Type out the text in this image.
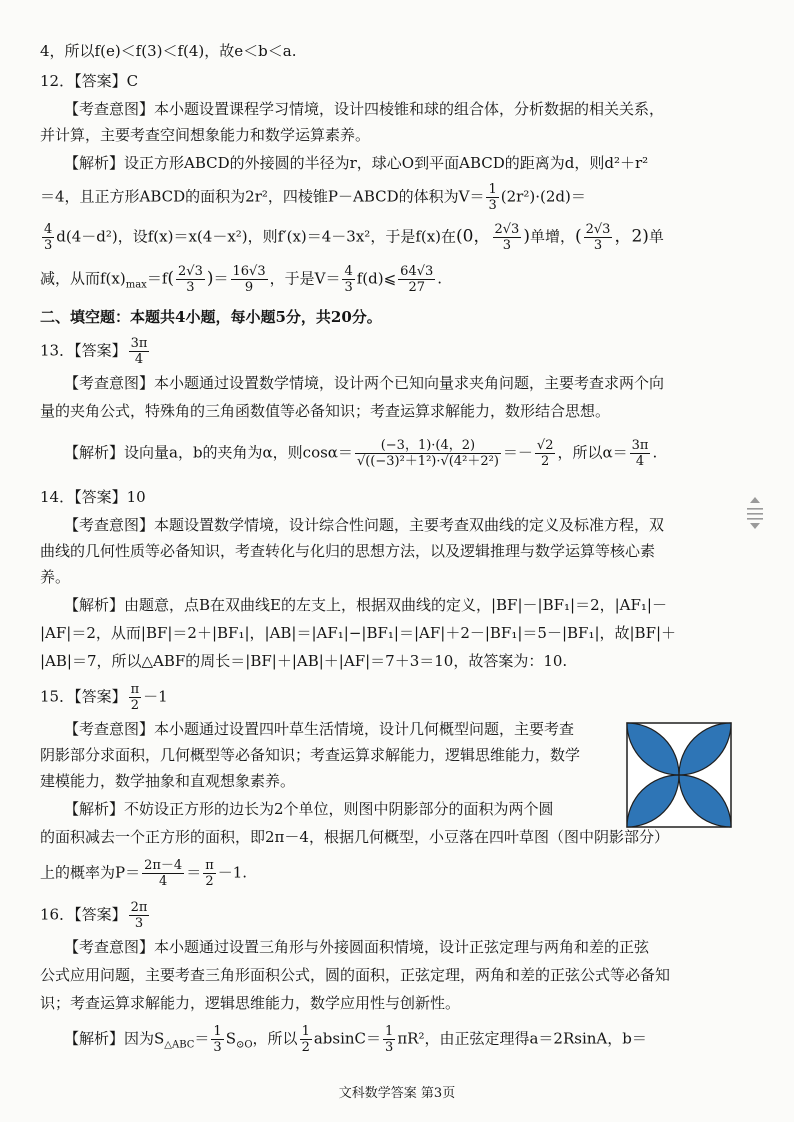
4，所以f(e)＜f(3)＜f(4)，故e＜b＜a.
12．【答案】C
【考查意图】本小题设置课程学习情境，设计四棱锥和球的组合体，分析数据的相关关系，
并计算，主要考查空间想象能力和数学运算素养。
【解析】设正方形ABCD的外接圆的半径为r，球心O到平面ABCD的距离为d，则d²＋r²
＝4，且正方形ABCD的面积为2r²，四棱锥P－ABCD的体积为$V= \frac{1}{3} (2r^2)\cdot(2d)=$
$\frac{4}{3} d(4-d^2)$，设f(x)＝x(4－x²)，则f′(x)＝4－3x²，于是f(x)在(0， $\frac{2√3}{3}$ )单增，( $\frac{2√3}{3}$ ，2)单
减，从而$f(x)_{max}=f( \frac{2√3}{3}$ )＝ $\frac{16√3}{9}$ ，于是$V= \frac{4}{3}$ f(d)⩽ $\frac{64√3}{27}$ .
二、填空题：本题共4小题，每小题5分，共20分。
13．【答案】 $\frac{3\pi}{4}$
【考查意图】本小题通过设置数学情境，设计两个已知向量求夹角问题，主要考查求两个向
量的夹角公式，特殊角的三角函数值等必备知识；考查运算求解能力，数形结合思想。
【解析】设向量a，b的夹角为α，则$\cos\alpha= \frac{(-3,1)\cdot(4,2)}{\text{√((−3)²＋1²)·√(4²＋2²)}} =- \frac{√2}{2}$ ，所以$\alpha= \frac{3\pi}{4}$ .
14．【答案】10
【考查意图】本题设置数学情境，设计综合性问题，主要考查双曲线的定义及标准方程，双
曲线的几何性质等必备知识，考查转化与化归的思想方法，以及逻辑推理与数学运算等核心素
养。
【解析】由题意，点B在双曲线E的左支上，根据双曲线的定义，|BF|－|BF₁|＝2，|AF₁|－
|AF|＝2，从而|BF|＝2＋|BF₁|，|AB|＝|AF₁|−|BF₁|＝|AF|＋2－|BF₁|＝5－|BF₁|，故|BF|＋
|AB|＝7，所以△ABF的周长＝|BF|＋|AB|＋|AF|＝7＋3＝10，故答案为：10.
15．【答案】 $\frac{\pi}{2} -1$
【考查意图】本小题通过设置四叶草生活情境，设计几何概型问题，主要考查
阴影部分求面积，几何概型等必备知识；考查运算求解能力，逻辑思维能力，数学
建模能力，数学抽象和直观想象素养。
【解析】不妨设正方形的边长为2个单位，则图中阴影部分的面积为两个圆
的面积减去一个正方形的面积，即2π－4，根据几何概型，小豆落在四叶草图（图中阴影部分）
上的概率为$P= \frac{2\pi-4}{4} = \frac{\pi}{2} -1$.
16．【答案】 $\frac{2\pi}{3}$
【考查意图】本小题通过设置三角形与外接圆面积情境，设计正弦定理与两角和差的正弦
公式应用问题，主要考查三角形面积公式，圆的面积，正弦定理，两角和差的正弦公式等必备知
识；考查运算求解能力，逻辑思维能力，数学应用性与创新性。
【解析】因为$S_{\triangle ABC}= \frac{1}{3} S_{⊙O}$，所以 $\frac{1}{2} absinC= \frac{1}{3} \pi R^2$，由正弦定理得a＝2RsinA，b＝
文科数学答案 第3页
